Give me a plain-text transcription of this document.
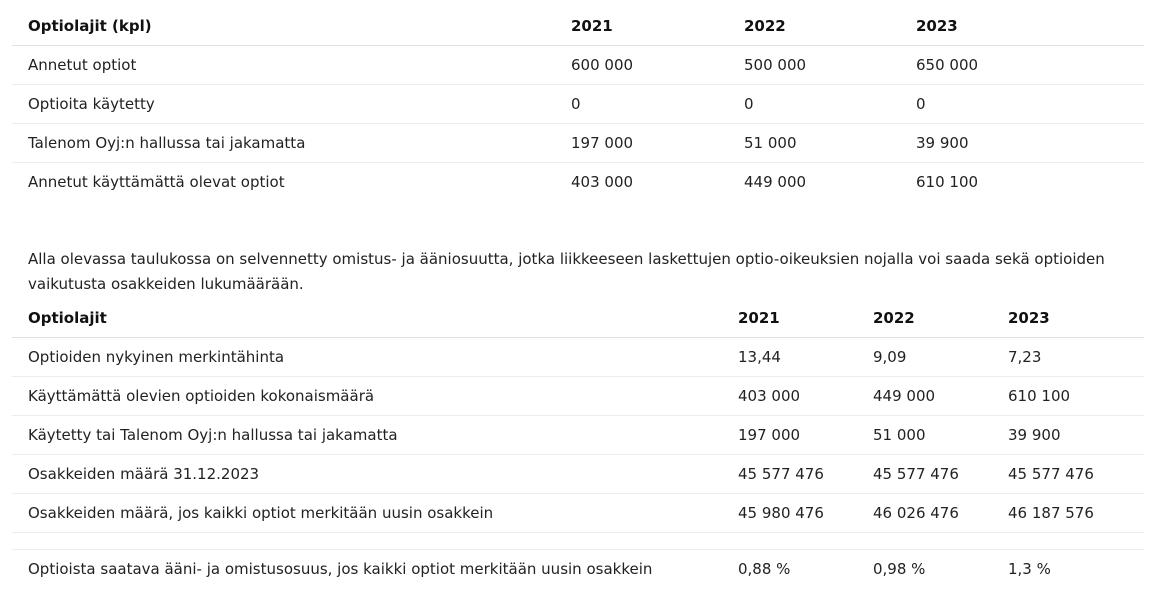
Optiolajit (kpl)	2021	2022	2023
Annetut optiot	600 000	500 000	650 000
Optioita käytetty	0	0	0
Talenom Oyj:n hallussa tai jakamatta	197 000	51 000	39 900
Annetut käyttämättä olevat optiot	403 000	449 000	610 100

Alla olevassa taulukossa on selvennetty omistus- ja ääniosuutta, jotka liikkeeseen laskettujen optio-oikeuksien nojalla voi saada sekä optioiden vaikutusta osakkeiden lukumäärään.

Optiolajit	2021	2022	2023
Optioiden nykyinen merkintähinta	13,44	9,09	7,23
Käyttämättä olevien optioiden kokonaismäärä	403 000	449 000	610 100
Käytetty tai Talenom Oyj:n hallussa tai jakamatta	197 000	51 000	39 900
Osakkeiden määrä 31.12.2023	45 577 476	45 577 476	45 577 476
Osakkeiden määrä, jos kaikki optiot merkitään uusin osakkein	45 980 476	46 026 476	46 187 576

Optioista saatava ääni- ja omistusosuus, jos kaikki optiot merkitään uusin osakkein	0,88 %	0,98 %	1,3 %
